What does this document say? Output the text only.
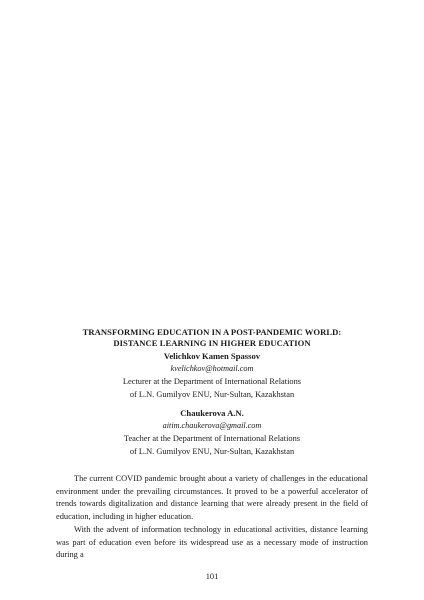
TRANSFORMING EDUCATION IN A POST-PANDEMIC WORLD:
DISTANCE LEARNING IN HIGHER EDUCATION
Velichkov Kamen Spassov
kvelichkov@hotmail.com
Lecturer at the Department of International Relations
of L.N. Gumilyov ENU, Nur-Sultan, Kazakhstan
Chaukerova A.N.
aitim.chaukerova@gmail.com
Teacher at the Department of International Relations
of L.N. Gumilyov ENU, Nur-Sultan, Kazakhstan

The current COVID pandemic brought about a variety of challenges in the educational environment under the prevailing circumstances. It proved to be a powerful accelerator of trends towards digitalization and distance learning that were already present in the field of education, including in higher education.

With the advent of information technology in educational activities, distance learning was part of education even before its widespread use as a necessary mode of instruction during a

101
